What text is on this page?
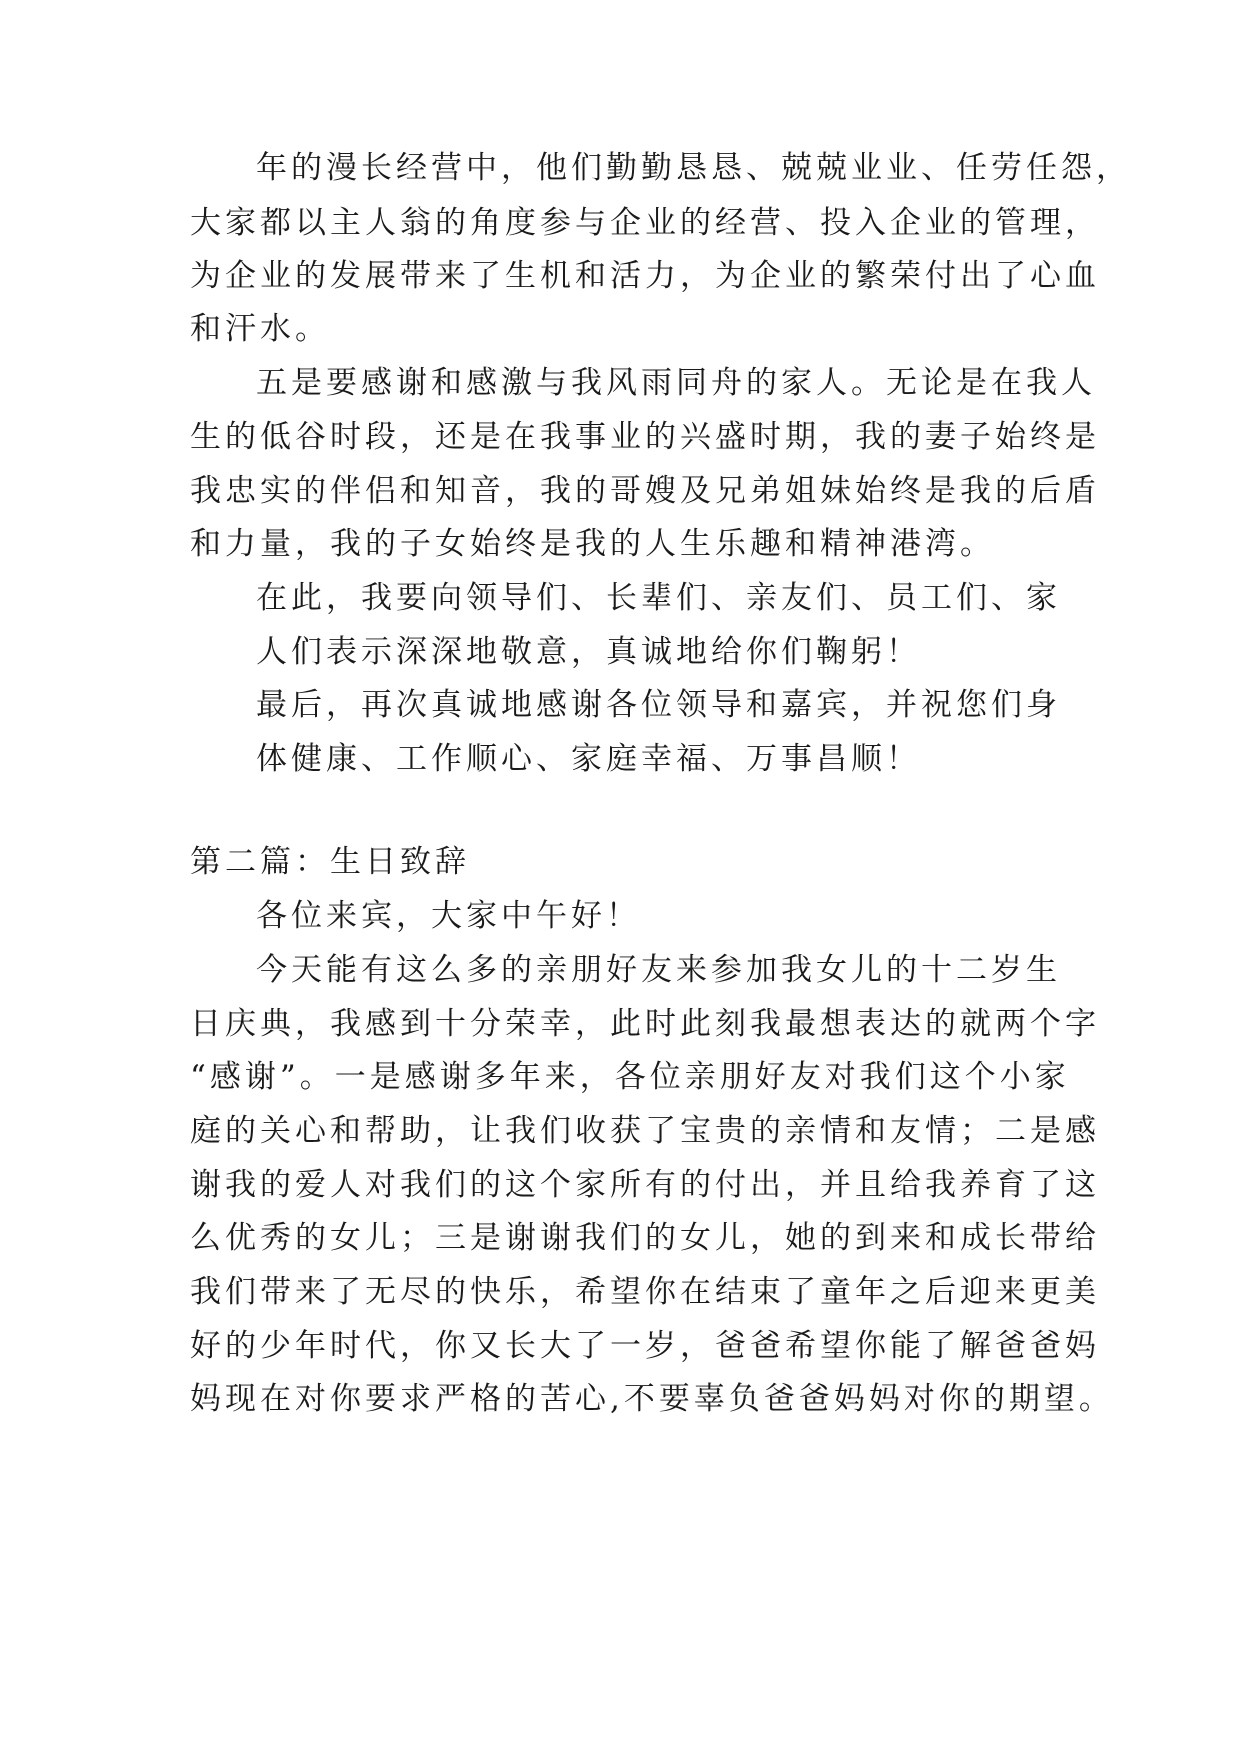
年的漫长经营中，他们勤勤恳恳、兢兢业业、任劳任怨，
大家都以主人翁的角度参与企业的经营、投入企业的管理，
为企业的发展带来了生机和活力，为企业的繁荣付出了心血
和汗水。
五是要感谢和感激与我风雨同舟的家人。无论是在我人
生的低谷时段，还是在我事业的兴盛时期，我的妻子始终是
我忠实的伴侣和知音，我的哥嫂及兄弟姐妹始终是我的后盾
和力量，我的子女始终是我的人生乐趣和精神港湾。
在此，我要向领导们、长辈们、亲友们、员工们、家
人们表示深深地敬意，真诚地给你们鞠躬！
最后，再次真诚地感谢各位领导和嘉宾，并祝您们身
体健康、工作顺心、家庭幸福、万事昌顺！
第二篇：生日致辞
各位来宾，大家中午好！
今天能有这么多的亲朋好友来参加我女儿的十二岁生
日庆典，我感到十分荣幸，此时此刻我最想表达的就两个字
“感谢”。一是感谢多年来，各位亲朋好友对我们这个小家
庭的关心和帮助，让我们收获了宝贵的亲情和友情；二是感
谢我的爱人对我们的这个家所有的付出，并且给我养育了这
么优秀的女儿；三是谢谢我们的女儿，她的到来和成长带给
我们带来了无尽的快乐，希望你在结束了童年之后迎来更美
好的少年时代，你又长大了一岁，爸爸希望你能了解爸爸妈
妈现在对你要求严格的苦心,不要辜负爸爸妈妈对你的期望。
